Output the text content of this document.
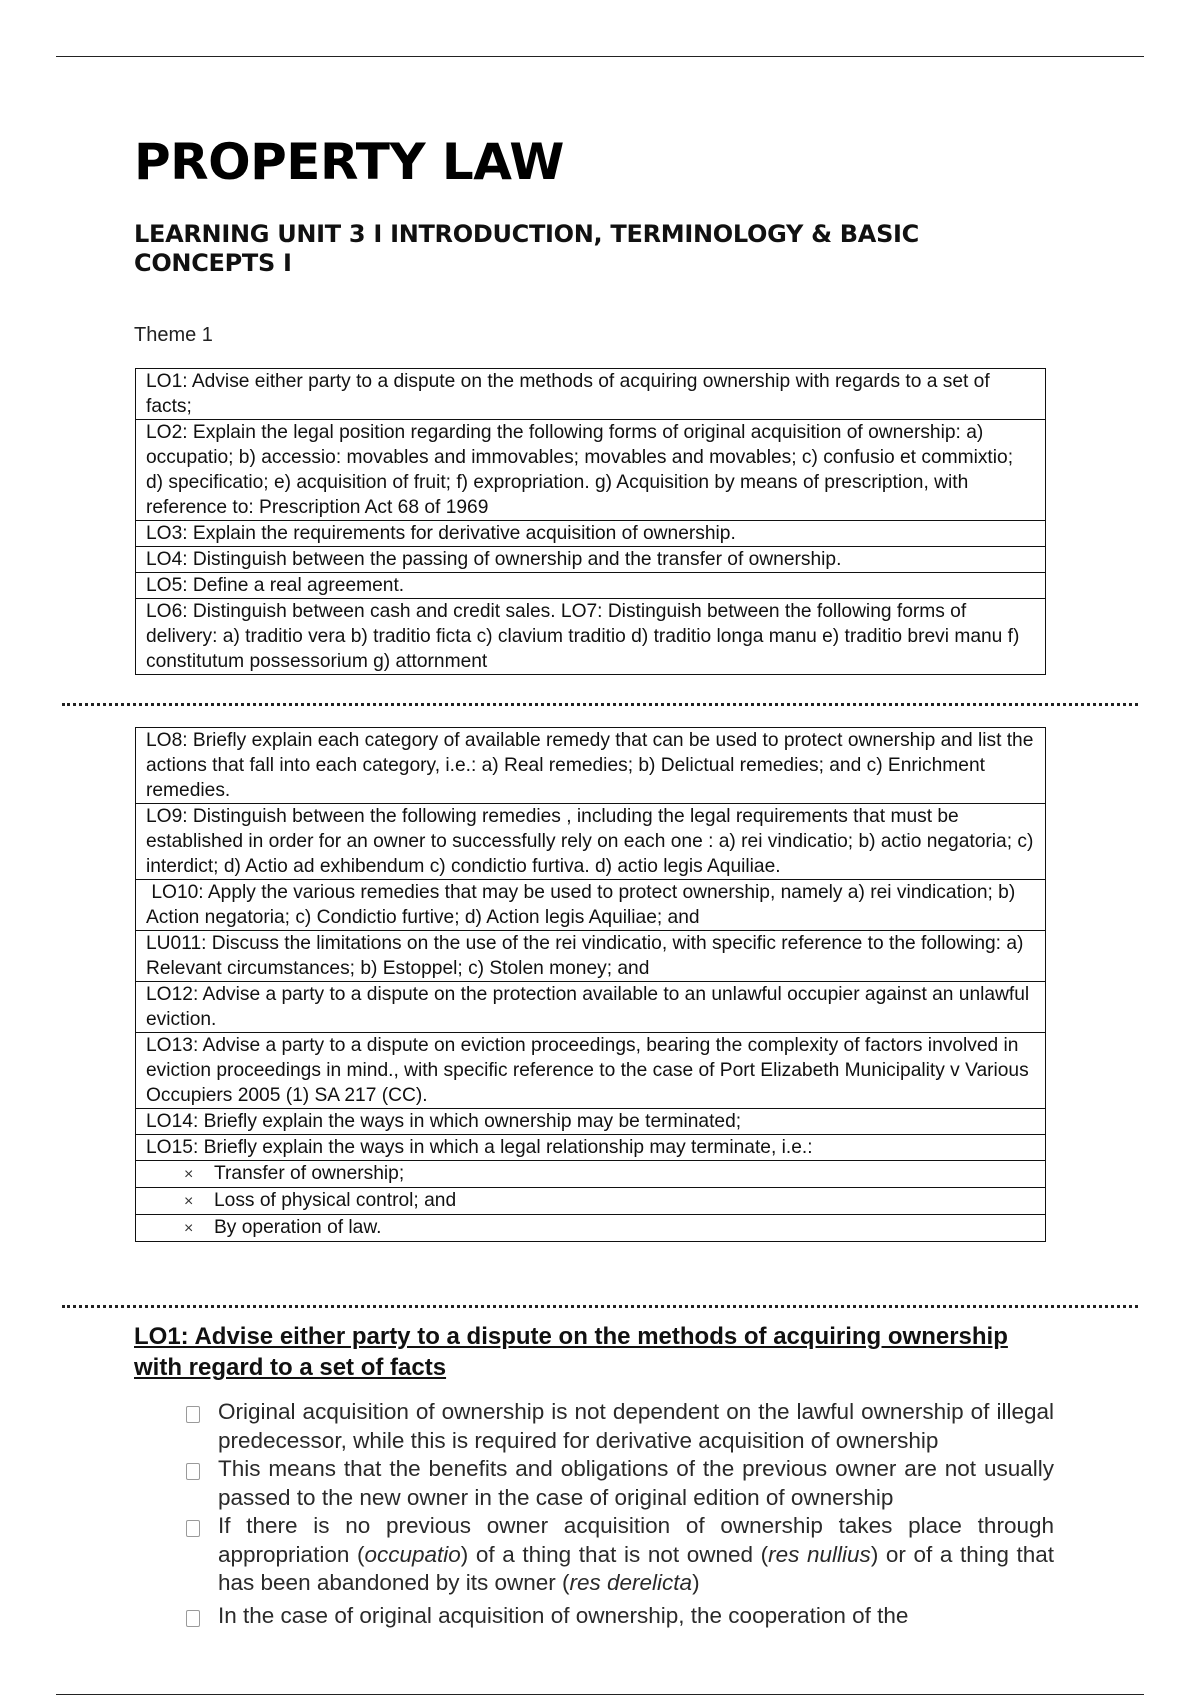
PROPERTY LAW
LEARNING UNIT 3 I INTRODUCTION, TERMINOLOGY & BASIC CONCEPTS I
Theme 1
LO1: Advise either party to a dispute on the methods of acquiring ownership with regards to a set of facts;
LO2: Explain the legal position regarding the following forms of original acquisition of ownership: a) occupatio; b) accessio: movables and immovables; movables and movables; c) confusio et commixtio; d) specificatio; e) acquisition of fruit; f) expropriation. g) Acquisition by means of prescription, with reference to: Prescription Act 68 of 1969
LO3: Explain the requirements for derivative acquisition of ownership.
LO4: Distinguish between the passing of ownership and the transfer of ownership.
LO5: Define a real agreement.
LO6: Distinguish between cash and credit sales. LO7: Distinguish between the following forms of delivery: a) traditio vera b) traditio ficta c) clavium traditio d) traditio longa manu e) traditio brevi manu f) constitutum possessorium g) attornment
LO8: Briefly explain each category of available remedy that can be used to protect ownership and list the actions that fall into each category, i.e.: a) Real remedies; b) Delictual remedies; and c) Enrichment remedies.
LO9: Distinguish between the following remedies , including the legal requirements that must be established in order for an owner to successfully rely on each one : a) rei vindicatio; b) actio negatoria; c) interdict; d) Actio ad exhibendum c) condictio furtiva. d) actio legis Aquiliae.
LO10: Apply the various remedies that may be used to protect ownership, namely a) rei vindication; b) Action negatoria; c) Condictio furtive; d) Action legis Aquiliae; and
LU011: Discuss the limitations on the use of the rei vindicatio, with specific reference to the following: a) Relevant circumstances; b) Estoppel; c) Stolen money; and
LO12: Advise a party to a dispute on the protection available to an unlawful occupier against an unlawful eviction.
LO13: Advise a party to a dispute on eviction proceedings, bearing the complexity of factors involved in eviction proceedings in mind., with specific reference to the case of Port Elizabeth Municipality v Various Occupiers 2005 (1) SA 217 (CC).
LO14: Briefly explain the ways in which ownership may be terminated;
LO15: Briefly explain the ways in which a legal relationship may terminate, i.e.:
× Transfer of ownership;
× Loss of physical control; and
× By operation of law.
LO1: Advise either party to a dispute on the methods of acquiring ownership with regard to a set of facts
Original acquisition of ownership is not dependent on the lawful ownership of illegal predecessor, while this is required for derivative acquisition of ownership
This means that the benefits and obligations of the previous owner are not usually passed to the new owner in the case of original edition of ownership
If there is no previous owner acquisition of ownership takes place through appropriation (occupatio) of a thing that is not owned (res nullius) or of a thing that has been abandoned by its owner (res derelicta)
In the case of original acquisition of ownership, the cooperation of the
